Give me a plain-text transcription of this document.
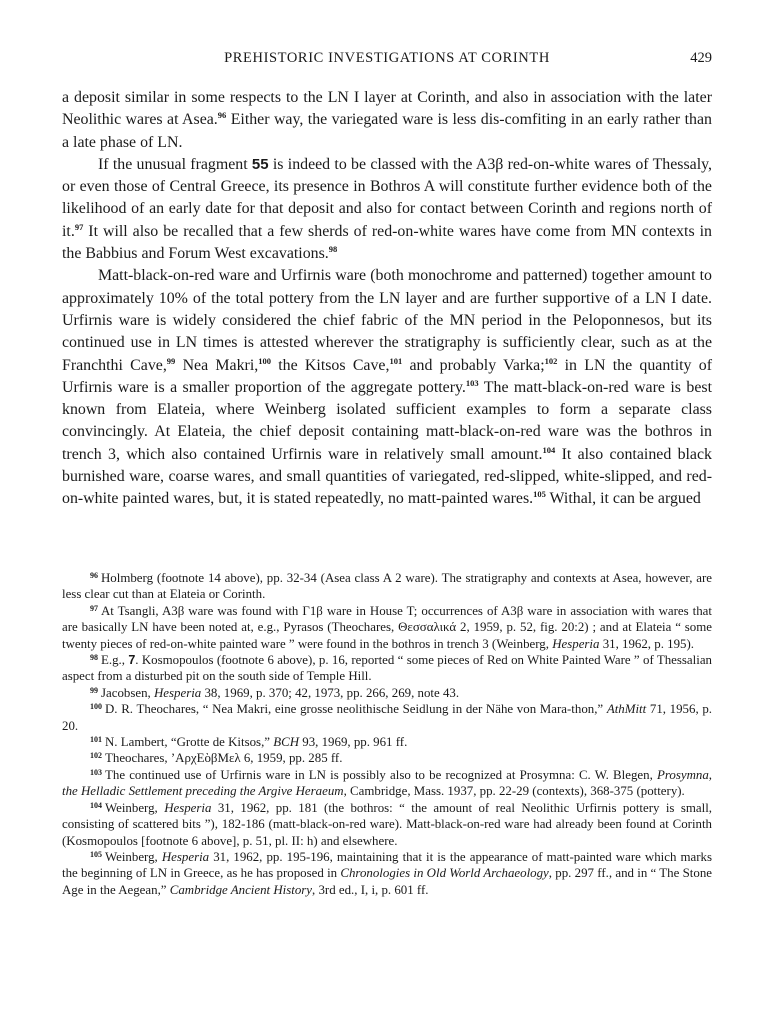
PREHISTORIC INVESTIGATIONS AT CORINTH	429

a deposit similar in some respects to the LN I layer at Corinth, and also in association with the later Neolithic wares at Asea.$^{96}$ Either way, the variegated ware is less dis-comfiting in an early rather than a late phase of LN.

If the unusual fragment 55 is indeed to be classed with the A3β red-on-white wares of Thessaly, or even those of Central Greece, its presence in Bothros A will constitute further evidence both of the likelihood of an early date for that deposit and also for contact between Corinth and regions north of it.$^{97}$ It will also be recalled that a few sherds of red-on-white wares have come from MN contexts in the Babbius and Forum West excavations.$^{98}$

Matt-black-on-red ware and Urfirnis ware (both monochrome and patterned) together amount to approximately 10% of the total pottery from the LN layer and are further supportive of a LN I date. Urfirnis ware is widely considered the chief fabric of the MN period in the Peloponnesos, but its continued use in LN times is attested wherever the stratigraphy is sufficiently clear, such as at the Franchthi Cave,$^{99}$ Nea Makri,$^{100}$ the Kitsos Cave,$^{101}$ and probably Varka;$^{102}$ in LN the quantity of Urfirnis ware is a smaller proportion of the aggregate pottery.$^{103}$ The matt-black-on-red ware is best known from Elateia, where Weinberg isolated sufficient examples to form a separate class convincingly. At Elateia, the chief deposit containing matt-black-on-red ware was the bothros in trench 3, which also contained Urfirnis ware in relatively small amount.$^{104}$ It also contained black burnished ware, coarse wares, and small quantities of variegated, red-slipped, white-slipped, and red-on-white painted wares, but, it is stated repeatedly, no matt-painted wares.$^{105}$ Withal, it can be argued

$^{96}$ Holmberg (footnote 14 above), pp. 32-34 (Asea class A 2 ware). The stratigraphy and contexts at Asea, however, are less clear cut than at Elateia or Corinth.

$^{97}$ At Tsangli, A3β ware was found with Γ1β ware in House T; occurrences of A3β ware in association with wares that are basically LN have been noted at, e.g., Pyrasos (Theochares, Θεσσαλικά 2, 1959, p. 52, fig. 20:2) ; and at Elateia “ some twenty pieces of red-on-white painted ware ” were found in the bothros in trench 3 (Weinberg, Hesperia 31, 1962, p. 195).

$^{98}$ E.g., 7. Kosmopoulos (footnote 6 above), p. 16, reported “ some pieces of Red on White Painted Ware ” of Thessalian aspect from a disturbed pit on the south side of Temple Hill.

$^{99}$ Jacobsen, Hesperia 38, 1969, p. 370; 42, 1973, pp. 266, 269, note 43.

$^{100}$ D. R. Theochares, “ Nea Makri, eine grosse neolithische Seidlung in der Nähe von Mara-thon,” AthMitt 71, 1956, p. 20.

$^{101}$ N. Lambert, “Grotte de Kitsos,” BCH 93, 1969, pp. 961 ff.

$^{102}$ Theochares, ʼΑρχΕὸβΜελ 6, 1959, pp. 285 ff.

$^{103}$ The continued use of Urfirnis ware in LN is possibly also to be recognized at Prosymna: C. W. Blegen, Prosymna, the Helladic Settlement preceding the Argive Heraeum, Cambridge, Mass. 1937, pp. 22-29 (contexts), 368-375 (pottery).

$^{104}$ Weinberg, Hesperia 31, 1962, pp. 181 (the bothros: “ the amount of real Neolithic Urfirnis pottery is small, consisting of scattered bits ”), 182-186 (matt-black-on-red ware). Matt-black-on-red ware had already been found at Corinth (Kosmopoulos [footnote 6 above], p. 51, pl. II: h) and elsewhere.

$^{105}$ Weinberg, Hesperia 31, 1962, pp. 195-196, maintaining that it is the appearance of matt-painted ware which marks the beginning of LN in Greece, as he has proposed in Chronologies in Old World Archaeology, pp. 297 ff., and in “ The Stone Age in the Aegean,” Cambridge Ancient History, 3rd ed., I, i, p. 601 ff.
